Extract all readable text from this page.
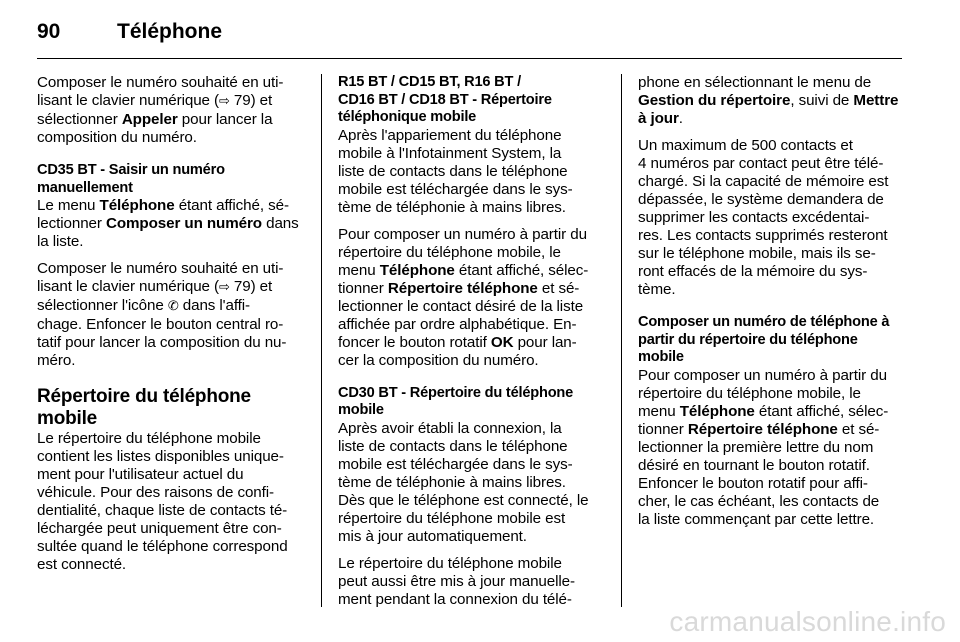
90	Téléphone

Composer le numéro souhaité en uti‐
lisant le clavier numérique (⇨ 79) et
sélectionner Appeler pour lancer la
composition du numéro.

CD35 BT - Saisir un numéro
manuellement

Le menu Téléphone étant affiché, sé‐
lectionner Composer un numéro dans
la liste.

Composer le numéro souhaité en uti‐
lisant le clavier numérique (⇨ 79) et
sélectionner l'icône ✆ dans l'affi‐
chage. Enfoncer le bouton central ro‐
tatif pour lancer la composition du nu‐
méro.

Répertoire du téléphone mobile

Le répertoire du téléphone mobile
contient les listes disponibles unique‐
ment pour l'utilisateur actuel du
véhicule. Pour des raisons de confi‐
dentialité, chaque liste de contacts té‐
léchargée peut uniquement être con‐
sultée quand le téléphone correspond
est connecté.

R15 BT / CD15 BT, R16 BT /
CD16 BT / CD18 BT - Répertoire
téléphonique mobile

Après l'appariement du téléphone
mobile à l'Infotainment System, la
liste de contacts dans le téléphone
mobile est téléchargée dans le sys‐
tème de téléphonie à mains libres.

Pour composer un numéro à partir du
répertoire du téléphone mobile, le
menu Téléphone étant affiché, sélec‐
tionner Répertoire téléphone et sé‐
lectionner le contact désiré de la liste
affichée par ordre alphabétique. En‐
foncer le bouton rotatif OK pour lan‐
cer la composition du numéro.

CD30 BT - Répertoire du téléphone
mobile

Après avoir établi la connexion, la
liste de contacts dans le téléphone
mobile est téléchargée dans le sys‐
tème de téléphonie à mains libres.
Dès que le téléphone est connecté, le
répertoire du téléphone mobile est
mis à jour automatiquement.

Le répertoire du téléphone mobile
peut aussi être mis à jour manuelle‐
ment pendant la connexion du télé‐

phone en sélectionnant le menu de
Gestion du répertoire, suivi de Mettre
à jour.

Un maximum de 500 contacts et
4 numéros par contact peut être télé‐
chargé. Si la capacité de mémoire est
dépassée, le système demandera de
supprimer les contacts excédentai‐
res. Les contacts supprimés resteront
sur le téléphone mobile, mais ils se‐
ront effacés de la mémoire du sys‐
tème.

Composer un numéro de téléphone à
partir du répertoire du téléphone
mobile

Pour composer un numéro à partir du
répertoire du téléphone mobile, le
menu Téléphone étant affiché, sélec‐
tionner Répertoire téléphone et sé‐
lectionner la première lettre du nom
désiré en tournant le bouton rotatif.
Enfoncer le bouton rotatif pour affi‐
cher, le cas échéant, les contacts de
la liste commençant par cette lettre.

carmanualsonline.info
